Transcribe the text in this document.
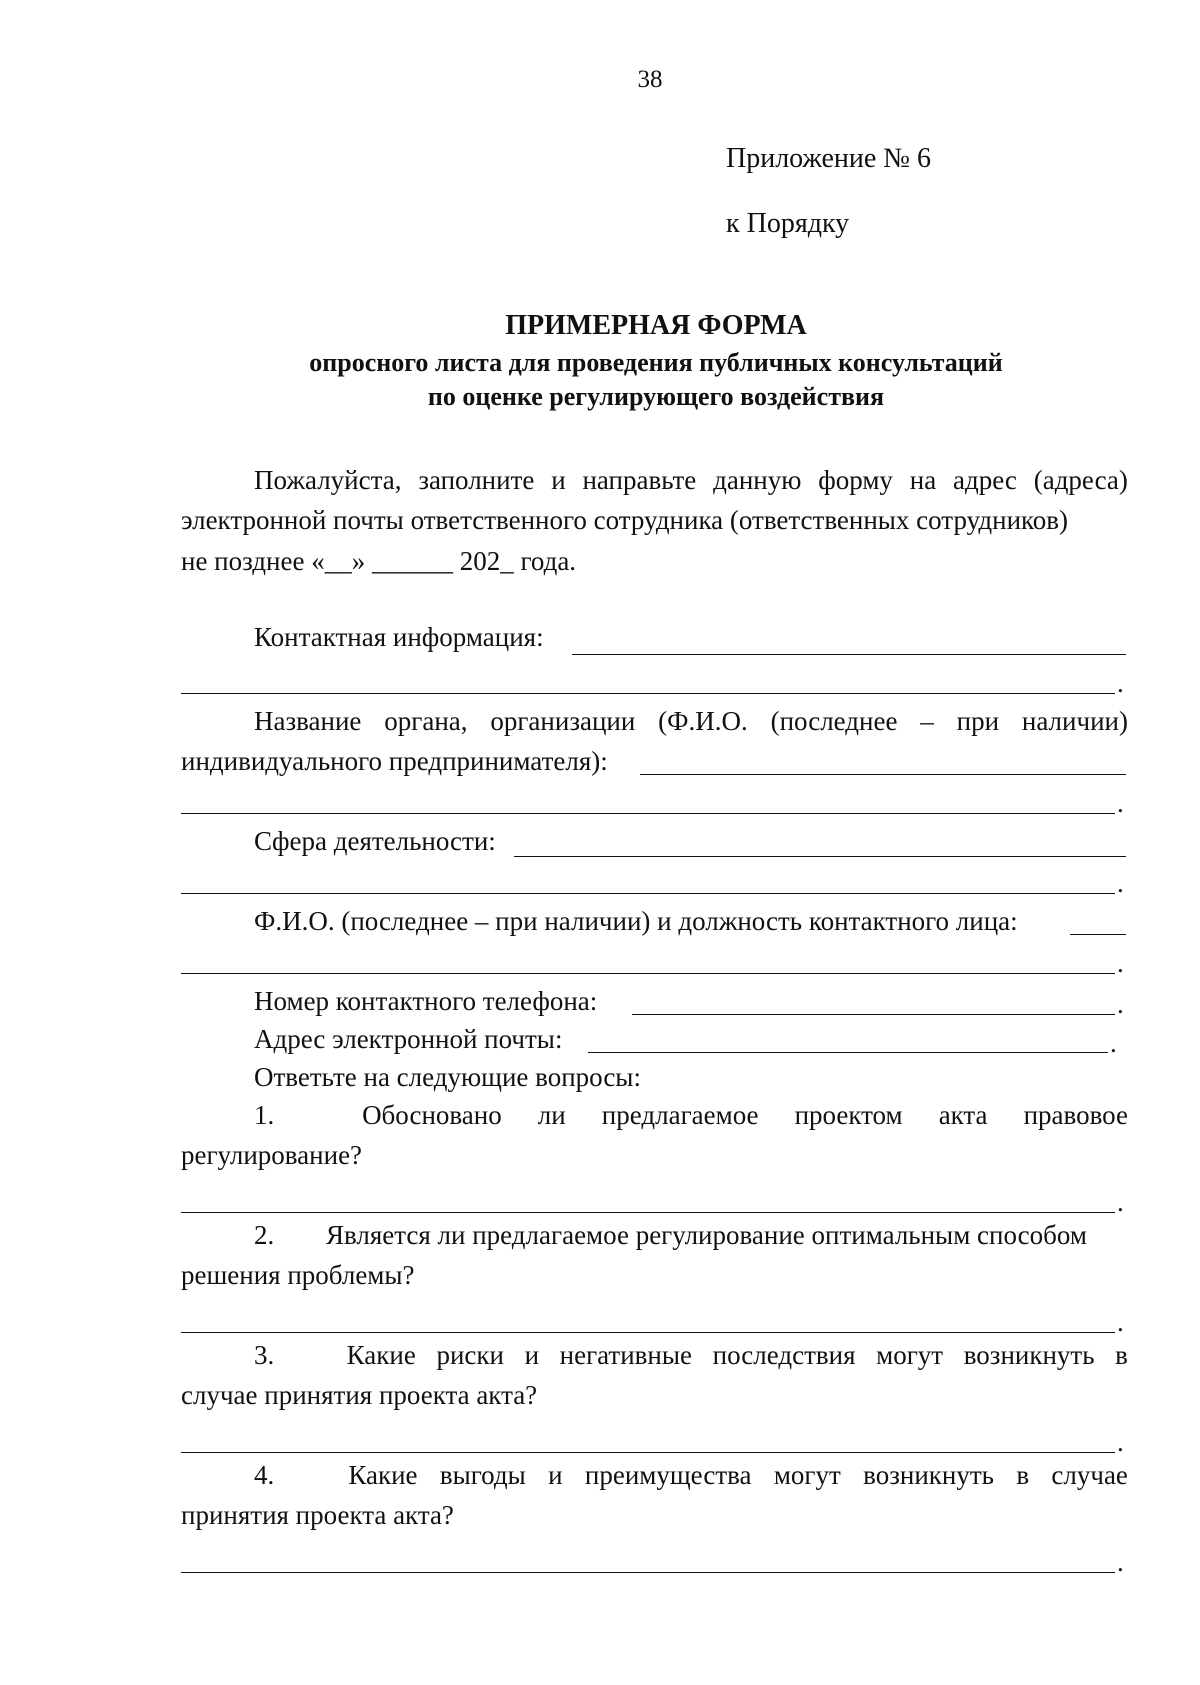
38
Приложение № 6
к Порядку
ПРИМЕРНАЯ ФОРМА
опросного листа для проведения публичных консультаций
по оценке регулирующего воздействия
Пожалуйста, заполните и направьте данную форму на адрес (адреса)
электронной почты ответственного сотрудника (ответственных сотрудников)
не позднее «__» ______ 202_ года.
Контактная информация:
.
Название органа, организации (Ф.И.О. (последнее – при наличии)
индивидуального предпринимателя):
.
Сфера деятельности:
.
Ф.И.О. (последнее – при наличии) и должность контактного лица:
.
Номер контактного телефона:	.
Адрес электронной почты:	.
Ответьте на следующие вопросы:
1.	Обосновано ли предлагаемое проектом акта правовое
регулирование?
.
2. Является ли предлагаемое регулирование оптимальным способом
решения проблемы?
.
3.	Какие риски и негативные последствия могут возникнуть в
случае принятия проекта акта?
.
4.	Какие выгоды и преимущества могут возникнуть в случае
принятия проекта акта?
.
